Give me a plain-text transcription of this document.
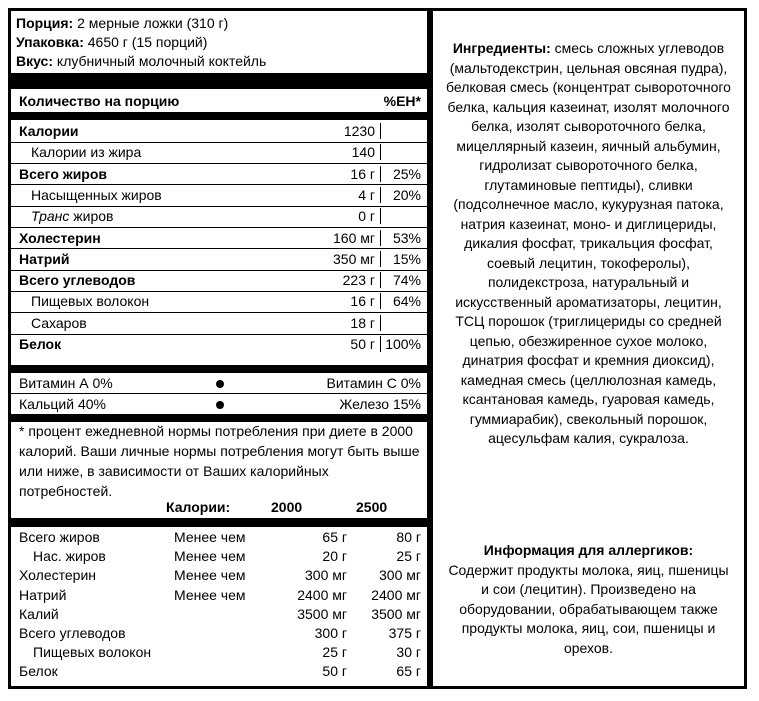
Порция: 2 мерные ложки (310 г)
Упаковка: 4650 г (15 порций)
Вкус: клубничный молочный коктейль
Количество на порцию	%ЕН*
Калории	1230
Калории из жира	140
Всего жиров	16 г 25%
Насыщенных жиров	4 г 20%
Транс жиров	0 г
Холестерин	160 мг 53%
Натрий	350 мг 15%
Всего углеводов	223 г 74%
Пищевых волокон	16 г 64%
Сахаров	18 г
Белок	50 г 100%
Витамин А 0%	Витамин С 0%
Кальций 40%	Железо 15%
* процент ежедневной нормы потребления при диете в 2000 калорий. Ваши личные нормы потребления могут быть выше или ниже, в зависимости от Ваших калорийных потребностей.
Калории:	2000	2500
Всего жиров	Менее чем	65 г	80 г
Нас. жиров	Менее чем	20 г	25 г
Холестерин	Менее чем	300 мг 300 мг
Натрий	Менее чем	2400 мг 2400 мг
Калий	3500 мг 3500 мг
Всего углеводов	300 г	375 г
Пищевых волокон	25 г	30 г
Белок	50 г	65 г
Ингредиенты: смесь сложных углеводов (мальтодекстрин, цельная овсяная пудра), белковая смесь (концентрат сывороточного белка, кальция казеинат, изолят молочного белка, изолят сывороточного белка, мицеллярный казеин, яичный альбумин, гидролизат сывороточного белка, глутаминовые пептиды), сливки (подсолнечное масло, кукурузная патока, натрия казеинат, моно- и диглицериды, дикалия фосфат, трикальция фосфат, соевый лецитин, токоферолы), полидекстроза, натуральный и искусственный ароматизаторы, лецитин, ТСЦ порошок (триглицериды со средней цепью, обезжиренное сухое молоко, динатрия фосфат и кремния диоксид), камедная смесь (целлюлозная камедь, ксантановая камедь, гуаровая камедь, гуммиарабик), свекольный порошок, ацесульфам калия, сукралоза.
Информация для аллергиков:
Содержит продукты молока, яиц, пшеницы и сои (лецитин). Произведено на оборудовании, обрабатывающем также продукты молока, яиц, сои, пшеницы и орехов.
